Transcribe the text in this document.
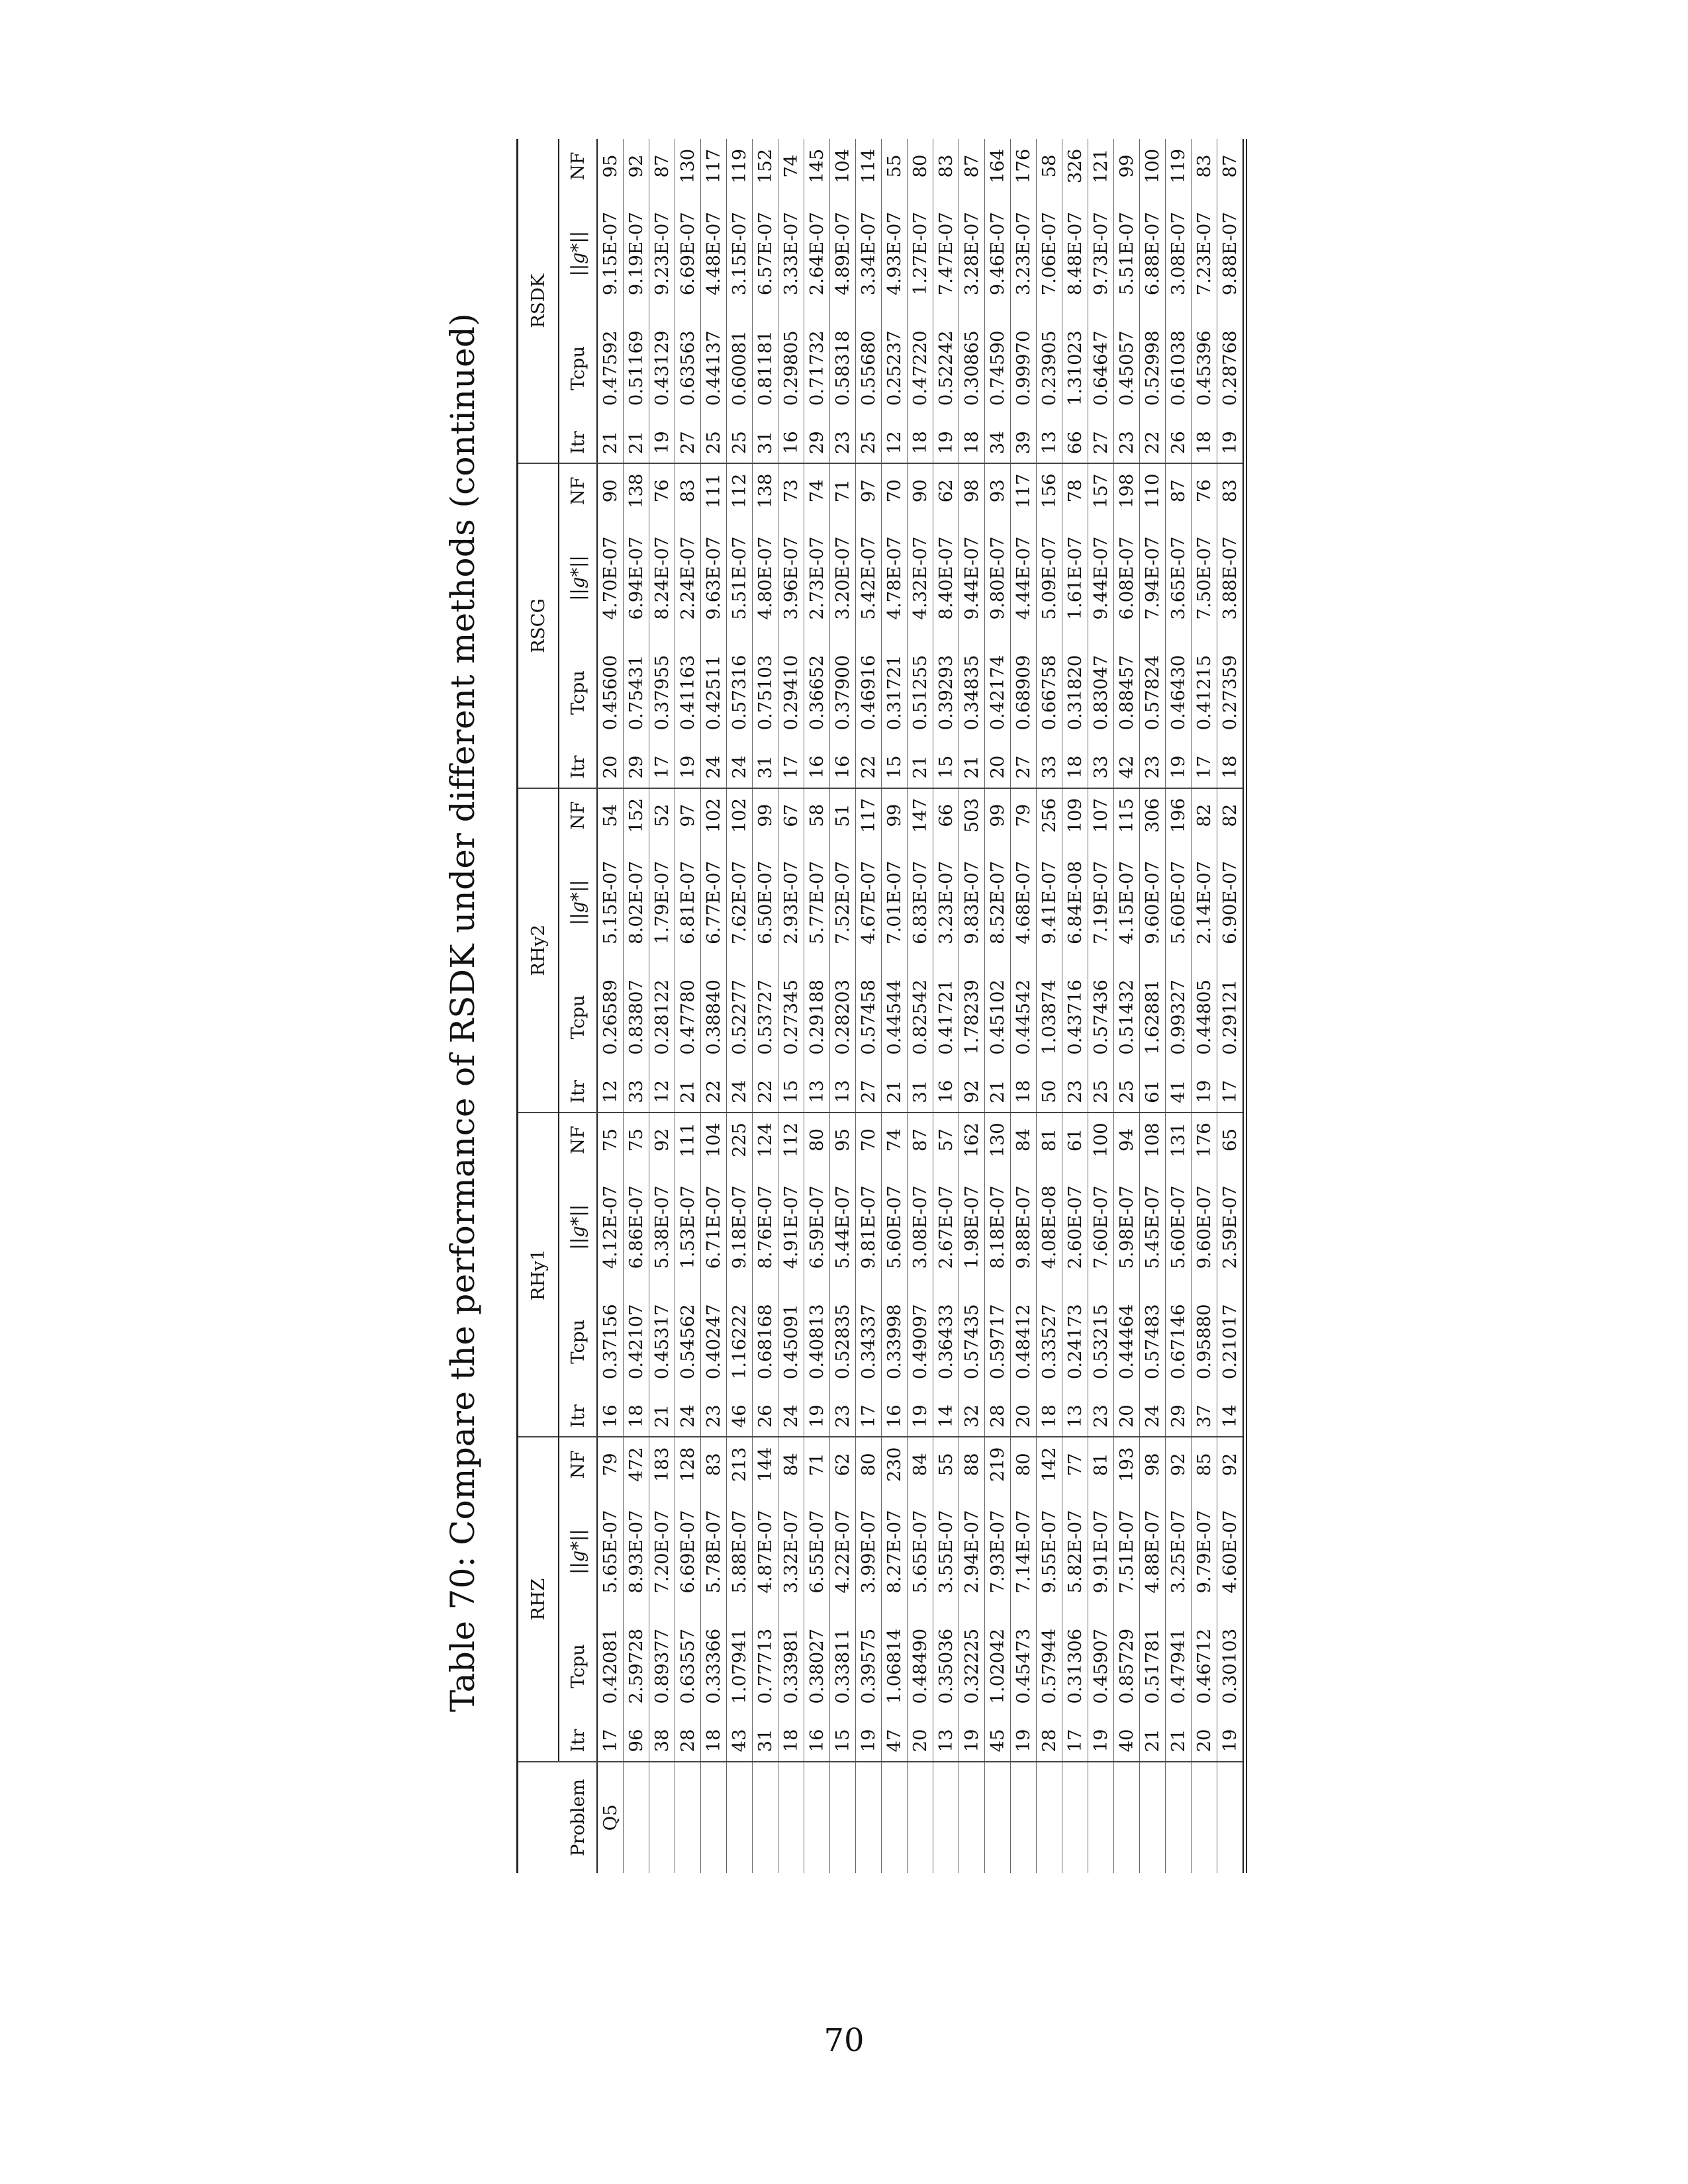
Table 70: Compare the performance of RSDK under different methods (continued)
		RHZ				RHy1				RHy2				RSCG				RSDK			
Problem	Itr	Tcpu	||g*||	NF	Itr	Tcpu	||g*||	NF	Itr	Tcpu	||g*||	NF	Itr	Tcpu	||g*||	NF	Itr	Tcpu	||g*||	NF
Q5	17	0.42081	5.65E-07	79	16	0.37156	4.12E-07	75	12	0.26589	5.15E-07	54	20	0.45600	4.70E-07	90	21	0.47592	9.15E-07	95
	96	2.59728	8.93E-07	472	18	0.42107	6.86E-07	75	33	0.83807	8.02E-07	152	29	0.75431	6.94E-07	138	21	0.51169	9.19E-07	92
	38	0.89377	7.20E-07	183	21	0.45317	5.38E-07	92	12	0.28122	1.79E-07	52	17	0.37955	8.24E-07	76	19	0.43129	9.23E-07	87
	28	0.63557	6.69E-07	128	24	0.54562	1.53E-07	111	21	0.47780	6.81E-07	97	19	0.41163	2.24E-07	83	27	0.63563	6.69E-07	130
	18	0.33366	5.78E-07	83	23	0.40247	6.71E-07	104	22	0.38840	6.77E-07	102	24	0.42511	9.63E-07	111	25	0.44137	4.48E-07	117
	43	1.07941	5.88E-07	213	46	1.16222	9.18E-07	225	24	0.52277	7.62E-07	102	24	0.57316	5.51E-07	112	25	0.60081	3.15E-07	119
	31	0.77713	4.87E-07	144	26	0.68168	8.76E-07	124	22	0.53727	6.50E-07	99	31	0.75103	4.80E-07	138	31	0.81181	6.57E-07	152
	18	0.33981	3.32E-07	84	24	0.45091	4.91E-07	112	15	0.27345	2.93E-07	67	17	0.29410	3.96E-07	73	16	0.29805	3.33E-07	74
	16	0.38027	6.55E-07	71	19	0.40813	6.59E-07	80	13	0.29188	5.77E-07	58	16	0.36652	2.73E-07	74	29	0.71732	2.64E-07	145
	15	0.33811	4.22E-07	62	23	0.52835	5.44E-07	95	13	0.28203	7.52E-07	51	16	0.37900	3.20E-07	71	23	0.58318	4.89E-07	104
	19	0.39575	3.99E-07	80	17	0.34337	9.81E-07	70	27	0.57458	4.67E-07	117	22	0.46916	5.42E-07	97	25	0.55680	3.34E-07	114
	47	1.06814	8.27E-07	230	16	0.33998	5.60E-07	74	21	0.44544	7.01E-07	99	15	0.31721	4.78E-07	70	12	0.25237	4.93E-07	55
	20	0.48490	5.65E-07	84	19	0.49097	3.08E-07	87	31	0.82542	6.83E-07	147	21	0.51255	4.32E-07	90	18	0.47220	1.27E-07	80
	13	0.35036	3.55E-07	55	14	0.36433	2.67E-07	57	16	0.41721	3.23E-07	66	15	0.39293	8.40E-07	62	19	0.52242	7.47E-07	83
	19	0.32225	2.94E-07	88	32	0.57435	1.98E-07	162	92	1.78239	9.83E-07	503	21	0.34835	9.44E-07	98	18	0.30865	3.28E-07	87
	45	1.02042	7.93E-07	219	28	0.59717	8.18E-07	130	21	0.45102	8.52E-07	99	20	0.42174	9.80E-07	93	34	0.74590	9.46E-07	164
	19	0.45473	7.14E-07	80	20	0.48412	9.88E-07	84	18	0.44542	4.68E-07	79	27	0.68909	4.44E-07	117	39	0.99970	3.23E-07	176
	28	0.57944	9.55E-07	142	18	0.33527	4.08E-08	81	50	1.03874	9.41E-07	256	33	0.66758	5.09E-07	156	13	0.23905	7.06E-07	58
	17	0.31306	5.82E-07	77	13	0.24173	2.60E-07	61	23	0.43716	6.84E-08	109	18	0.31820	1.61E-07	78	66	1.31023	8.48E-07	326
	19	0.45907	9.91E-07	81	23	0.53215	7.60E-07	100	25	0.57436	7.19E-07	107	33	0.83047	9.44E-07	157	27	0.64647	9.73E-07	121
	40	0.85729	7.51E-07	193	20	0.44464	5.98E-07	94	25	0.51432	4.15E-07	115	42	0.88457	6.08E-07	198	23	0.45057	5.51E-07	99
	21	0.51781	4.88E-07	98	24	0.57483	5.45E-07	108	61	1.62881	9.60E-07	306	23	0.57824	7.94E-07	110	22	0.52998	6.88E-07	100
	21	0.47941	3.25E-07	92	29	0.67146	5.60E-07	131	41	0.99327	5.60E-07	196	19	0.46430	3.65E-07	87	26	0.61038	3.08E-07	119
	20	0.46712	9.79E-07	85	37	0.95880	9.60E-07	176	19	0.44805	2.14E-07	82	17	0.41215	7.50E-07	76	18	0.45396	7.23E-07	83
	19	0.30103	4.60E-07	92	14	0.21017	2.59E-07	65	17	0.29121	6.90E-07	82	18	0.27359	3.88E-07	83	19	0.28768	9.88E-07	87
70
